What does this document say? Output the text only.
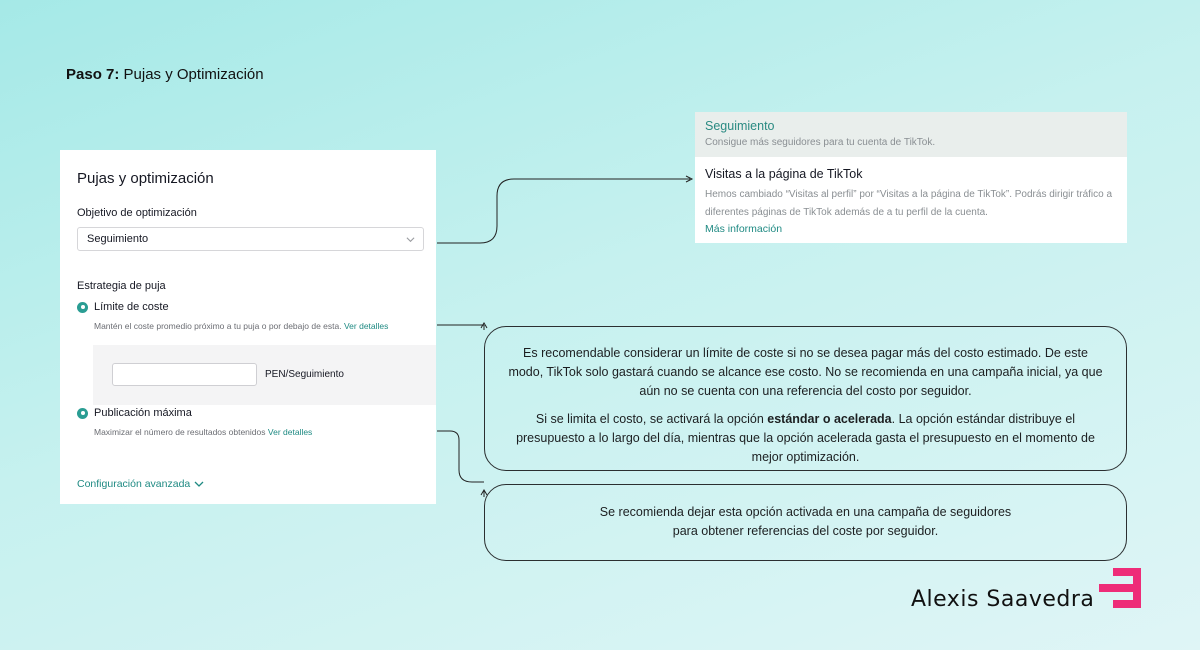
Paso 7: Pujas y Optimización
Pujas y optimización
Objetivo de optimización
Seguimiento
Estrategia de puja
Límite de coste
Mantén el coste promedio próximo a tu puja o por debajo de esta. Ver detalles
PEN/Seguimiento
Publicación máxima
Maximizar el número de resultados obtenidos Ver detalles
Configuración avanzada
Seguimiento
Consigue más seguidores para tu cuenta de TikTok.
Visitas a la página de TikTok
Hemos cambiado “Visitas al perfil” por “Visitas a la página de TikTok”. Podrás dirigir tráfico a diferentes páginas de TikTok además de a tu perfil de la cuenta.
Más información

Es recomendable considerar un límite de coste si no se desea pagar más del costo estimado. De este modo, TikTok solo gastará cuando se alcance ese costo. No se recomienda en una campaña inicial, ya que aún no se cuenta con una referencia del costo por seguidor.

Si se limita el costo, se activará la opción estándar o acelerada. La opción estándar distribuye el presupuesto a lo largo del día, mientras que la opción acelerada gasta el presupuesto en el momento de mejor optimización.

Se recomienda dejar esta opción activada en una campaña de seguidores
para obtener referencias del coste por seguidor.
Alexis Saavedra
